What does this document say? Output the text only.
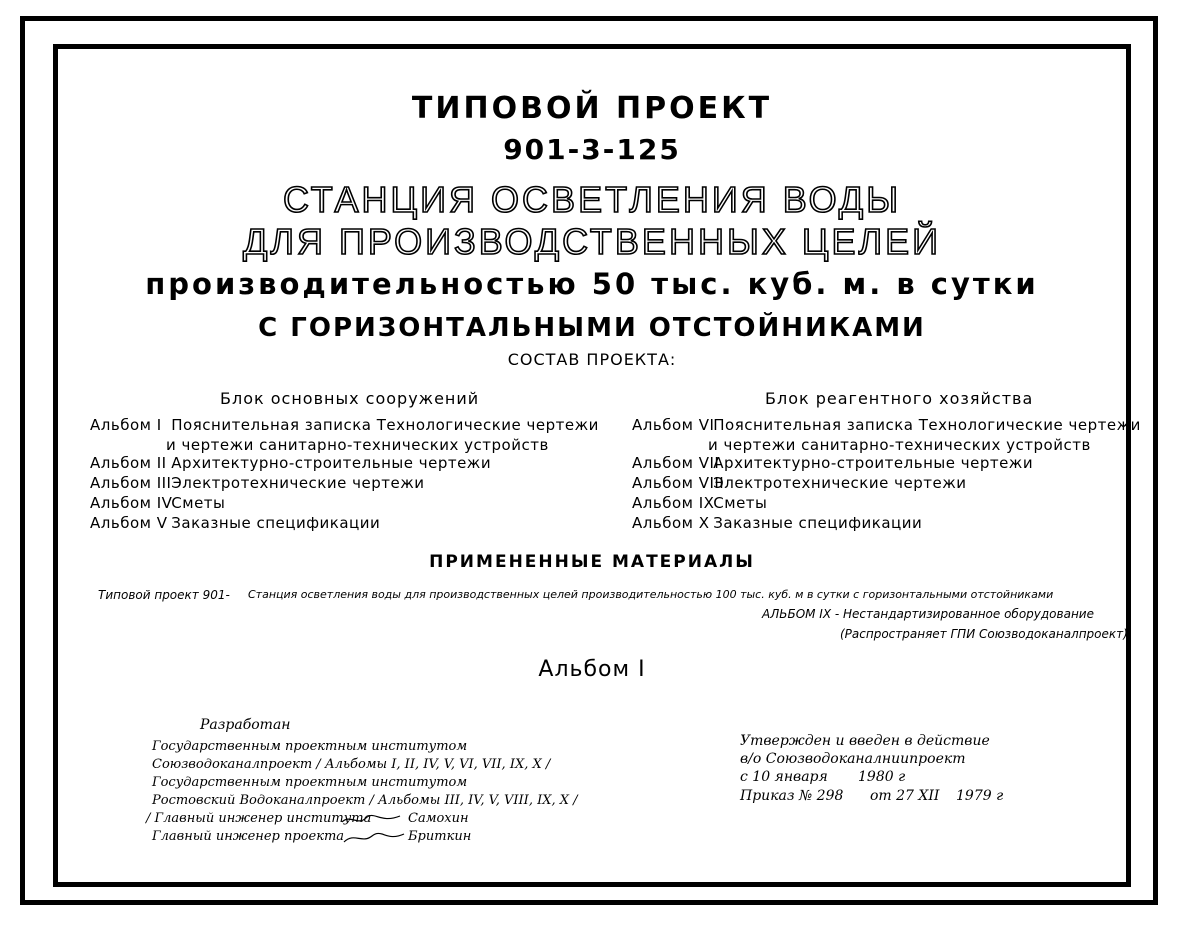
ТИПОВОЙ ПРОЕКТ
901-3-125
СТАНЦИЯ ОСВЕТЛЕНИЯ ВОДЫ
ДЛЯ ПРОИЗВОДСТВЕННЫХ ЦЕЛЕЙ
производительностью 50 тыс. куб. м. в сутки
С ГОРИЗОНТАЛЬНЫМИ ОТСТОЙНИКАМИ
СОСТАВ ПРОЕКТА:
Блок основных сооружений	Блок реагентного хозяйства
Альбом I Пояснительная записка Технологические чертежи
и чертежи санитарно-технических устройств
Альбом II Архитектурно-строительные чертежи
Альбом III Электротехнические чертежи
Альбом IV Сметы
Альбом V Заказные спецификации
Альбом VI Пояснительная записка Технологические чертежи
и чертежи санитарно-технических устройств
Альбом VII Архитектурно-строительные чертежи
Альбом VIII Электротехнические чертежи
Альбом IX Сметы
Альбом X Заказные спецификации
ПРИМЕНЕННЫЕ МАТЕРИАЛЫ
Типовой проект 901- Станция осветления воды для производственных целей производительностью 100 тыс. куб. м в сутки с горизонтальными отстойниками
АЛЬБОМ IX - Нестандартизированное оборудование
(Распространяет ГПИ Союзводоканалпроект)
Альбом I
Разработан
Государственным проектным институтом
Союзводоканалпроект / Альбомы I, II, IV, V, VI, VII, IX, X /
Государственным проектным институтом
Ростовский Водоканалпроект / Альбомы III, IV, V, VIII, IX, X /
/ Главный инженер института
Главный инженер проекта
Самохин
Бриткин
Утвержден и введен в действие
в/о Союзводоканалниипроект
с 10 января 1980 г
Приказ № 298 от 27 XII 1979 г
